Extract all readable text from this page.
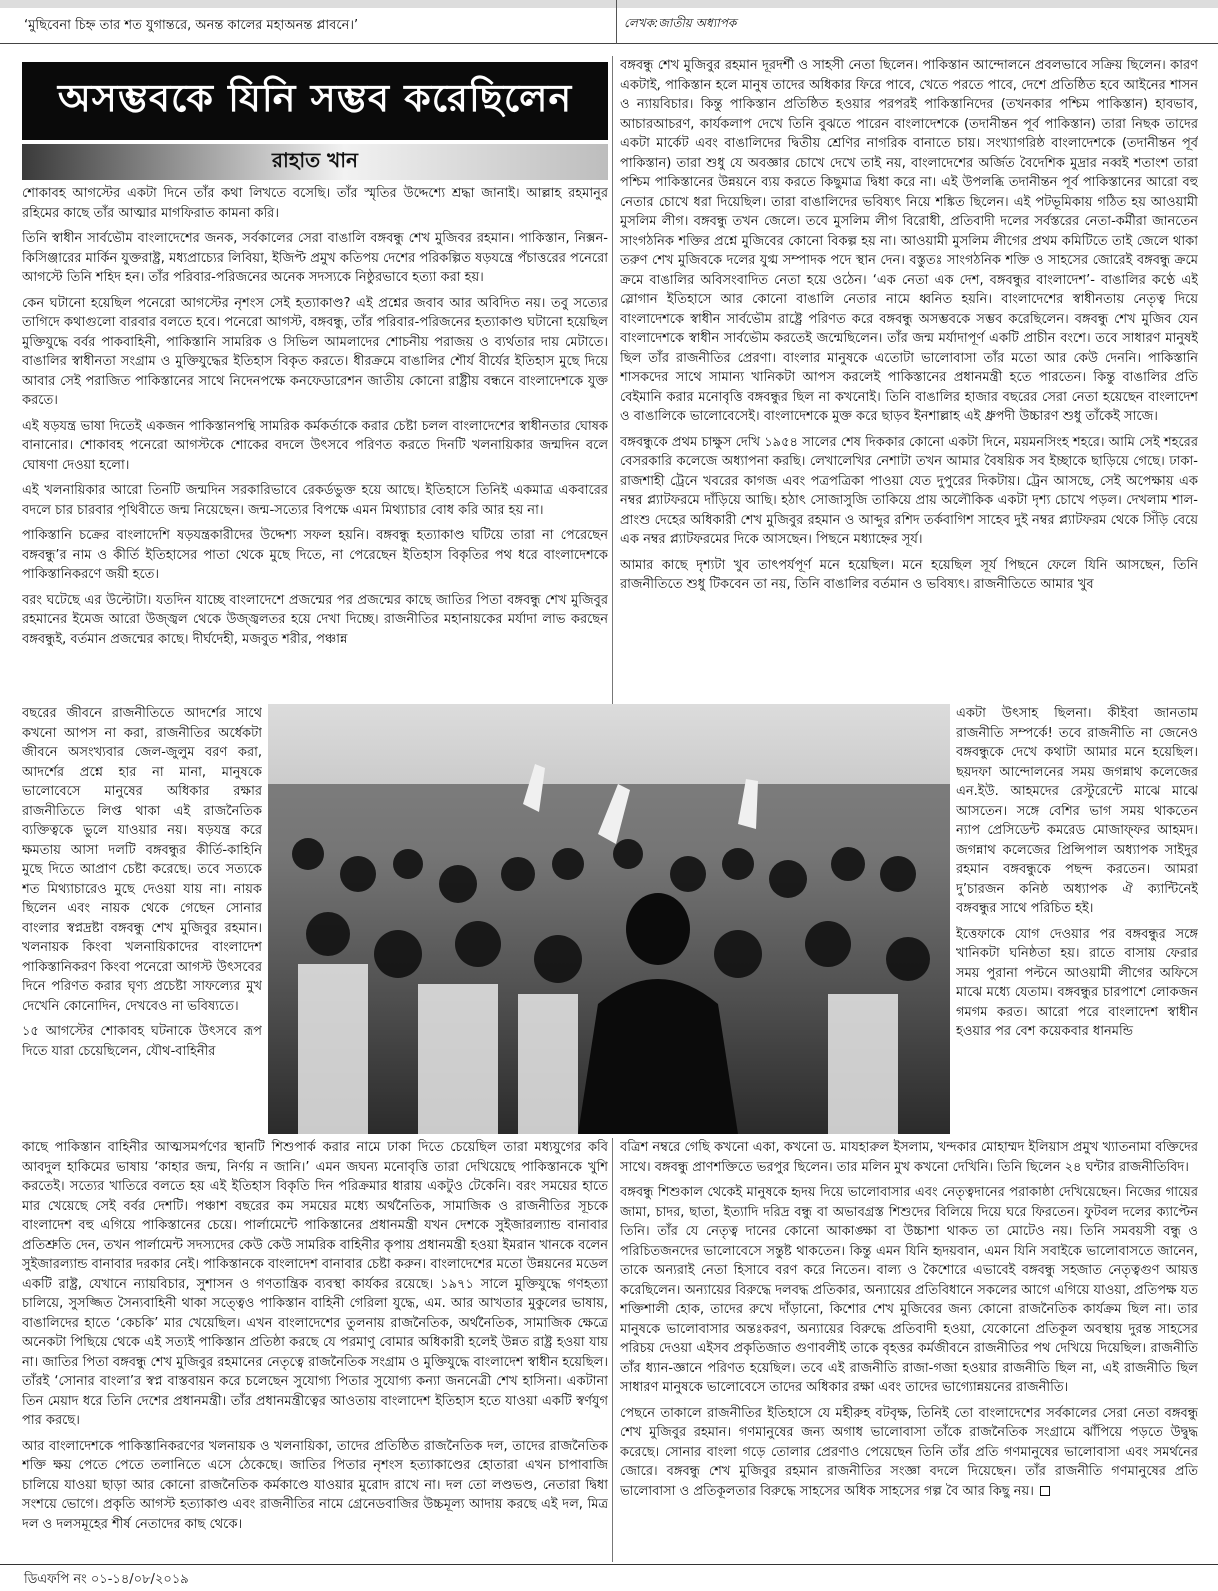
‘মুছিবেনা চিহ্ন তার শত যুগান্তরে, অনন্ত কালের মহাঅনন্ত প্লাবনে।’	লেখক:জাতীয় অধ্যাপক
অসম্ভবকে যিনি সম্ভব করেছিলেন
রাহাত খান

শোকাবহ আগস্টের একটা দিনে তাঁর কথা লিখতে বসেছি। তাঁর স্মৃতির উদ্দেশ্যে শ্রদ্ধা জানাই। আল্লাহ রহমানুর রহিমের কাছে তাঁর আত্মার মাগফিরাত কামনা করি।

তিনি স্বাধীন সার্বভৌম বাংলাদেশের জনক, সর্বকালের সেরা বাঙালি বঙ্গবন্ধু শেখ মুজিবর রহমান। পাকিস্তান, নিক্সন-কিসিঞ্জারের মার্কিন যুক্তরাষ্ট্র, মধ্যপ্রাচ্যের লিবিয়া, ইজিপ্ট প্রমুখ কতিপয় দেশের পরিকল্পিত ষড়যন্ত্রে পঁচাত্তরের পনেরো আগস্টে তিনি শহিদ হন। তাঁর পরিবার-পরিজনের অনেক সদস্যকে নিষ্ঠুরভাবে হত্যা করা হয়।

কেন ঘটানো হয়েছিল পনেরো আগস্টের নৃশংস সেই হত্যাকাণ্ড? এই প্রশ্নের জবাব আর অবিদিত নয়। তবু সত্যের তাগিদে কথাগুলো বারবার বলতে হবে। পনেরো আগস্ট, বঙ্গবন্ধু, তাঁর পরিবার-পরিজনের হত্যাকাণ্ড ঘটানো হয়েছিল মুক্তিযুদ্ধে বর্বর পাকবাহিনী, পাকিস্তানি সামরিক ও সিভিল আমলাদের শোচনীয় পরাজয় ও ব্যর্থতার দায় মেটাতে। বাঙালির স্বাধীনতা সংগ্রাম ও মুক্তিযুদ্ধের ইতিহাস বিকৃত করতে। ধীরক্রমে বাঙালির শৌর্য বীর্যের ইতিহাস মুছে দিয়ে আবার সেই পরাজিত পাকিস্তানের সাথে নিদেনপক্ষে কনফেডারেশন জাতীয় কোনো রাষ্ট্রীয় বন্ধনে বাংলাদেশকে যুক্ত করতে।

এই ষড়যন্ত্র ভাষা দিতেই একজন পাকিস্তানপন্থি সামরিক কর্মকর্তাকে করার চেষ্টা চলল বাংলাদেশের স্বাধীনতার ঘোষক বানানোর। শোকাবহ পনেরো আগস্টকে শোকের বদলে উৎসবে পরিণত করতে দিনটি খলনায়িকার জন্মদিন বলে ঘোষণা দেওয়া হলো।

এই খলনায়িকার আরো তিনটি জন্মদিন সরকারিভাবে রেকর্ডভুক্ত হয়ে আছে। ইতিহাসে তিনিই একমাত্র একবারের বদলে চার চারবার পৃথিবীতে জন্ম নিয়েছেন। জন্ম-সত্যের বিপক্ষে এমন মিথ্যাচার বোধ করি আর হয় না।

পাকিস্তানি চক্রের বাংলাদেশি ষড়যন্ত্রকারীদের উদ্দেশ্য সফল হয়নি। বঙ্গবন্ধু হত্যাকাণ্ড ঘটিয়ে তারা না পেরেছেন বঙ্গবন্ধু’র নাম ও কীর্তি ইতিহাসের পাতা থেকে মুছে দিতে, না পেরেছেন ইতিহাস বিকৃতির পথ ধরে বাংলাদেশকে পাকিস্তানিকরণে জয়ী হতে।

বরং ঘটেছে এর উল্টোটা। যতদিন যাচ্ছে বাংলাদেশে প্রজন্মের পর প্রজন্মের কাছে জাতির পিতা বঙ্গবন্ধু শেখ মুজিবুর রহমানের ইমেজ আরো উজ্জ্বল থেকে উজ্জ্বলতর হয়ে দেখা দিচ্ছে। রাজনীতির মহানায়কের মর্যাদা লাভ করছেন বঙ্গবন্ধুই, বর্তমান প্রজন্মের কাছে। দীর্ঘদেহী, মজবুত শরীর, পঞ্চান্ন

বছরের জীবনে রাজনীতিতে আদর্শের সাথে কখনো আপস না করা, রাজনীতির অর্ধেকটা জীবনে অসংখ্যবার জেল-জুলুম বরণ করা, আদর্শের প্রশ্নে হার না মানা, মানুষকে ভালোবেসে মানুষের অধিকার রক্ষার রাজনীতিতে লিপ্ত থাকা এই রাজনৈতিক ব্যক্তিত্বকে ভুলে যাওয়ার নয়। ষড়যন্ত্র করে ক্ষমতায় আসা দলটি বঙ্গবন্ধুর কীর্তি-কাহিনি মুছে দিতে আপ্রাণ চেষ্টা করেছে। তবে সত্যকে শত মিথ্যাচারেও মুছে দেওয়া যায় না। নায়ক ছিলেন এবং নায়ক থেকে গেছেন সোনার বাংলার স্বপ্নদ্রষ্টা বঙ্গবন্ধু শেখ মুজিবুর রহমান। খলনায়ক কিংবা খলনায়িকাদের বাংলাদেশ পাকিস্তানিকরণ কিংবা পনেরো আগস্ট উৎসবের দিনে পরিণত করার ঘৃণ্য প্রচেষ্টা সাফল্যের মুখ দেখেনি কোনোদিন, দেখবেও না ভবিষ্যতে।

১৫ আগস্টের শোকাবহ ঘটনাকে উৎসবে রূপ দিতে যারা চেয়েছিলেন, যৌথ-বাহিনীর

বঙ্গবন্ধু শেখ মুজিবুর রহমান দূরদর্শী ও সাহসী নেতা ছিলেন। পাকিস্তান আন্দোলনে প্রবলভাবে সক্রিয় ছিলেন। কারণ একটাই, পাকিস্তান হলে মানুষ তাদের অধিকার ফিরে পাবে, খেতে পরতে পাবে, দেশে প্রতিষ্ঠিত হবে আইনের শাসন ও ন্যায়বিচার। কিন্তু পাকিস্তান প্রতিষ্ঠিত হওয়ার পরপরই পাকিস্তানিদের (তখনকার পশ্চিম পাকিস্তান) হাবভাব, আচারআচরণ, কার্যকলাপ দেখে তিনি বুঝতে পারেন বাংলাদেশকে (তদানীন্তন পূর্ব পাকিস্তান) তারা নিছক তাদের একটা মার্কেট এবং বাঙালিদের দ্বিতীয় শ্রেণির নাগরিক বানাতে চায়। সংখ্যাগরিষ্ঠ বাংলাদেশকে (তদানীন্তন পূর্ব পাকিস্তান) তারা শুধু যে অবজ্ঞার চোখে দেখে তাই নয়, বাংলাদেশের অর্জিত বৈদেশিক মুদ্রার নব্বই শতাংশ তারা পশ্চিম পাকিস্তানের উন্নয়নে ব্যয় করতে কিছুমাত্র দ্বিধা করে না। এই উপলব্ধি তদানীন্তন পূর্ব পাকিস্তানের আরো বহু নেতার চোখে ধরা দিয়েছিল। তারা বাঙালিদের ভবিষ্যৎ নিয়ে শঙ্কিত ছিলেন। এই পটভূমিকায় গঠিত হয় আওয়ামী মুসলিম লীগ। বঙ্গবন্ধু তখন জেলে। তবে মুসলিম লীগ বিরোধী, প্রতিবাদী দলের সর্বস্তরের নেতা-কর্মীরা জানতেন সাংগঠনিক শক্তির প্রশ্নে মুজিবের কোনো বিকল্প হয় না। আওয়ামী মুসলিম লীগের প্রথম কমিটিতে তাই জেলে থাকা তরুণ শেখ মুজিবকে দলের যুগ্ম সম্পাদক পদে স্থান দেন। বস্তুতঃ সাংগঠনিক শক্তি ও সাহসের জোরেই বঙ্গবন্ধু ক্রমে ক্রমে বাঙালির অবিসংবাদিত নেতা হয়ে ওঠেন। ‘এক নেতা এক দেশ, বঙ্গবন্ধুর বাংলাদেশ’- বাঙালির কণ্ঠে এই স্লোগান ইতিহাসে আর কোনো বাঙালি নেতার নামে ধ্বনিত হয়নি। বাংলাদেশের স্বাধীনতায় নেতৃত্ব দিয়ে বাংলাদেশকে স্বাধীন সার্বভৌম রাষ্ট্রে পরিণত করে বঙ্গবন্ধু অসম্ভবকে সম্ভব করেছিলেন। বঙ্গবন্ধু শেখ মুজিব যেন বাংলাদেশকে স্বাধীন সার্বভৌম করতেই জন্মেছিলেন। তাঁর জন্ম মর্যাদাপূর্ণ একটি প্রাচীন বংশে। তবে সাধারণ মানুষই ছিল তাঁর রাজনীতির প্রেরণা। বাংলার মানুষকে এতোটা ভালোবাসা তাঁর মতো আর কেউ দেননি। পাকিস্তানি শাসকদের সাথে সামান্য খানিকটা আপস করলেই পাকিস্তানের প্রধানমন্ত্রী হতে পারতেন। কিন্তু বাঙালির প্রতি বেইমানি করার মনোবৃত্তি বঙ্গবন্ধুর ছিল না কখনোই। তিনি বাঙালির হাজার বছরের সেরা নেতা হয়েছেন বাংলাদেশ ও বাঙালিকে ভালোবেসেই। বাংলাদেশকে মুক্ত করে ছাড়ব ইনশাল্লাহ এই ধ্রুপদী উচ্চারণ শুধু তাঁকেই সাজে।

বঙ্গবন্ধুকে প্রথম চাক্ষুস দেখি ১৯৫৪ সালের শেষ দিককার কোনো একটা দিনে, ময়মনসিংহ শহরে। আমি সেই শহরের বেসরকারি কলেজে অধ্যাপনা করছি। লেখালেখির নেশাটা তখন আমার বৈষয়িক সব ইচ্ছাকে ছাড়িয়ে গেছে। ঢাকা-রাজশাহী ট্রেনে খবরের কাগজ এবং পত্রপত্রিকা পাওয়া যেত দুপুরের দিকটায়। ট্রেন আসছে, সেই অপেক্ষায় এক নম্বর প্ল্যাটফরমে দাঁড়িয়ে আছি। হঠাৎ সোজাসুজি তাকিয়ে প্রায় অলৌকিক একটা দৃশ্য চোখে পড়ল। দেখলাম শাল-প্রাংশু দেহের অধিকারী শেখ মুজিবুর রহমান ও আব্দুর রশিদ তর্কবাগিশ সাহেব দুই নম্বর প্ল্যাটফরম থেকে সিঁড়ি বেয়ে এক নম্বর প্ল্যাটফরমের দিকে আসছেন। পিছনে মধ্যাহ্নের সূর্য।

আমার কাছে দৃশ্যটা খুব তাৎপর্যপূর্ণ মনে হয়েছিল। মনে হয়েছিল সূর্য পিছনে ফেলে যিনি আসছেন, তিনি রাজনীতিতে শুধু টিকবেন তা নয়, তিনি বাঙালির বর্তমান ও ভবিষ্যৎ। রাজনীতিতে আমার খুব

একটা উৎসাহ ছিলনা। কীইবা জানতাম রাজনীতি সম্পর্কে! তবে রাজনীতি না জেনেও বঙ্গবন্ধুকে দেখে কথাটা আমার মনে হয়েছিল। ছয়দফা আন্দোলনের সময় জগন্নাথ কলেজের এন.ইউ. আহমদের রেস্টুরেন্টে মাঝে মাঝে আসতেন। সঙ্গে বেশির ভাগ সময় থাকতেন ন্যাপ প্রেসিডেন্ট কমরেড মোজাফ্ফর আহমদ। জগন্নাথ কলেজের প্রিন্সিপাল অধ্যাপক সাইদুর রহমান বঙ্গবন্ধুকে পছন্দ করতেন। আমরা দু’চারজন কনিষ্ঠ অধ্যাপক ঐ ক্যান্টিনেই বঙ্গবন্ধুর সাথে পরিচিত হই।

ইত্তেফাকে যোগ দেওয়ার পর বঙ্গবন্ধুর সঙ্গে খানিকটা ঘনিষ্ঠতা হয়। রাতে বাসায় ফেরার সময় পুরানা পল্টনে আওয়ামী লীগের অফিসে মাঝে মধ্যে যেতাম। বঙ্গবন্ধুর চারপাশে লোকজন গমগম করত। আরো পরে বাংলাদেশ স্বাধীন হওয়ার পর বেশ কয়েকবার ধানমন্ডি

কাছে পাকিস্তান বাহিনীর আত্মসমর্পণের স্থানটি শিশুপার্ক করার নামে ঢাকা দিতে চেয়েছিল তারা মধ্যযুগের কবি আবদুল হাকিমের ভাষায় ‘কাহার জন্ম, নির্ণয় ন জানি।’ এমন জঘন্য মনোবৃত্তি তারা দেখিয়েছে পাকিস্তানকে খুশি করতেই। সত্যের খাতিরে বলতে হয় এই ইতিহাস বিকৃতি দিন পরিক্রমার ধারায় একটুও টেকেনি। বরং সময়ের হাতে মার খেয়েছে সেই বর্বর দেশটি। পঞ্চাশ বছরের কম সময়ের মধ্যে অর্থনৈতিক, সামাজিক ও রাজনীতির সূচকে বাংলাদেশ বহু এগিয়ে পাকিস্তানের চেয়ে। পার্লামেন্টে পাকিস্তানের প্রধানমন্ত্রী যখন দেশকে সুইজারল্যান্ড বানাবার প্রতিশ্রুতি দেন, তখন পার্লামেন্ট সদস্যদের কেউ কেউ সামরিক বাহিনীর কৃপায় প্রধানমন্ত্রী হওয়া ইমরান খানকে বলেন সুইজারল্যান্ড বানাবার দরকার নেই। পাকিস্তানকে বাংলাদেশ বানাবার চেষ্টা করুন। বাংলাদেশের মতো উন্নয়নের মডেল একটি রাষ্ট্র, যেখানে ন্যায়বিচার, সুশাসন ও গণতান্ত্রিক ব্যবস্থা কার্যকর রয়েছে। ১৯৭১ সালে মুক্তিযুদ্ধে গণহত্যা চালিয়ে, সুসজ্জিত সৈন্যবাহিনী থাকা সত্ত্বেও পাকিস্তান বাহিনী গেরিলা যুদ্ধে, এম. আর আখতার মুকুলের ভাষায়, বাঙালিদের হাতে ‘কেচকি’ মার খেয়েছিল। এখন বাংলাদেশের তুলনায় রাজনৈতিক, অর্থনৈতিক, সামাজিক ক্ষেত্রে অনেকটা পিছিয়ে থেকে এই সত্যই পাকিস্তান প্রতিষ্ঠা করছে যে পরমাণু বোমার অধিকারী হলেই উন্নত রাষ্ট্র হওয়া যায় না। জাতির পিতা বঙ্গবন্ধু শেখ মুজিবুর রহমানের নেতৃত্বে রাজনৈতিক সংগ্রাম ও মুক্তিযুদ্ধে বাংলাদেশ স্বাধীন হয়েছিল। তাঁরই ‘সোনার বাংলা’র স্বপ্ন বাস্তবায়ন করে চলেছেন সুযোগ্য পিতার সুযোগ্য কন্যা জননেত্রী শেখ হাসিনা। একটানা তিন মেয়াদ ধরে তিনি দেশের প্রধানমন্ত্রী। তাঁর প্রধানমন্ত্রীত্বের আওতায় বাংলাদেশ ইতিহাস হতে যাওয়া একটি স্বর্ণযুগ পার করছে।

আর বাংলাদেশকে পাকিস্তানিকরণের খলনায়ক ও খলনায়িকা, তাদের প্রতিষ্ঠিত রাজনৈতিক দল, তাদের রাজনৈতিক শক্তি ক্ষয় পেতে পেতে তলানিতে এসে ঠেকেছে। জাতির পিতার নৃশংস হত্যাকাণ্ডের হোতারা এখন চাপাবাজি চালিয়ে যাওয়া ছাড়া আর কোনো রাজনৈতিক কর্মকাণ্ডে যাওয়ার মুরোদ রাখে না। দল তো লণ্ডভণ্ড, নেতারা দ্বিধা সংশয়ে ভোগে। প্রকৃতি আগস্ট হত্যাকাণ্ড এবং রাজনীতির নামে গ্রেনেডবাজির উচ্চমূল্য আদায় করছে এই দল, মিত্র দল ও দলসমূহের শীর্ষ নেতাদের কাছ থেকে।

বত্রিশ নম্বরে গেছি কখনো একা, কখনো ড. মাযহারুল ইসলাম, খন্দকার মোহাম্মদ ইলিয়াস প্রমুখ খ্যাতনামা বক্তিদের সাথে। বঙ্গবন্ধু প্রাণশক্তিতে ভরপুর ছিলেন। তার মলিন মুখ কখনো দেখিনি। তিনি ছিলেন ২৪ ঘন্টার রাজনীতিবিদ।

বঙ্গবন্ধু শিশুকাল থেকেই মানুষকে হৃদয় দিয়ে ভালোবাসার এবং নেতৃত্বদানের পরাকাষ্ঠা দেখিয়েছেন। নিজের গায়ের জামা, চাদর, ছাতা, ইত্যাদি দরিদ্র বন্ধু বা অভাবগ্রস্ত শিশুদের বিলিয়ে দিয়ে ঘরে ফিরতেন। ফুটবল দলের ক্যাপ্টেন তিনি। তাঁর যে নেতৃত্ব দানের কোনো আকাঙ্ক্ষা বা উচ্চাশা থাকত তা মোটেও নয়। তিনি সমবয়সী বন্ধু ও পরিচিতজনদের ভালোবেসে সন্তুষ্ট থাকতেন। কিন্তু এমন যিনি হৃদয়বান, এমন যিনি সবাইকে ভালোবাসতে জানেন, তাকে অন্যরাই নেতা হিসাবে বরণ করে নিতেন। বাল্য ও কৈশোরে এভাবেই বঙ্গবন্ধু সহজাত নেতৃত্বগুণ আয়ত্ত করেছিলেন। অন্যায়ের বিরুদ্ধে দলবদ্ধ প্রতিকার, অন্যায়ের প্রতিবিধানে সকলের আগে এগিয়ে যাওয়া, প্রতিপক্ষ যত শক্তিশালী হোক, তাদের রুখে দাঁড়ানো, কিশোর শেখ মুজিবের জন্য কোনো রাজনৈতিক কার্যক্রম ছিল না। তার মানুষকে ভালোবাসার অন্তঃকরণ, অন্যায়ের বিরুদ্ধে প্রতিবাদী হওয়া, যেকোনো প্রতিকূল অবস্থায় দুরন্ত সাহসের পরিচয় দেওয়া এইসব প্রকৃতিজাত গুণাবলীই তাকে বৃহত্তর কর্মজীবনে রাজনীতির পথ দেখিয়ে দিয়েছিল। রাজনীতি তাঁর ধ্যান-জ্ঞানে পরিণত হয়েছিল। তবে এই রাজনীতি রাজা-গজা হওয়ার রাজনীতি ছিল না, এই রাজনীতি ছিল সাধারণ মানুষকে ভালোবেসে তাদের অধিকার রক্ষা এবং তাদের ভাগ্যোন্নয়নের রাজনীতি।

পেছনে তাকালে রাজনীতির ইতিহাসে যে মহীরুহ বটবৃক্ষ, তিনিই তো বাংলাদেশের সর্বকালের সেরা নেতা বঙ্গবন্ধু শেখ মুজিবুর রহমান। গণমানুষের জন্য অগাধ ভালোবাসা তাঁকে রাজনৈতিক সংগ্রামে ঝাঁপিয়ে পড়তে উদ্বুদ্ধ করেছে। সোনার বাংলা গড়ে তোলার প্রেরণাও পেয়েছেন তিনি তাঁর প্রতি গণমানুষের ভালোবাসা এবং সমর্থনের জোরে। বঙ্গবন্ধু শেখ মুজিবুর রহমান রাজনীতির সংজ্ঞা বদলে দিয়েছেন। তাঁর রাজনীতি গণমানুষের প্রতি ভালোবাসা ও প্রতিকূলতার বিরুদ্ধে সাহসের অধিক সাহসের গল্প বৈ আর কিছু নয়।

ডিএফপি নং ০১-১৪/০৮/২০১৯
